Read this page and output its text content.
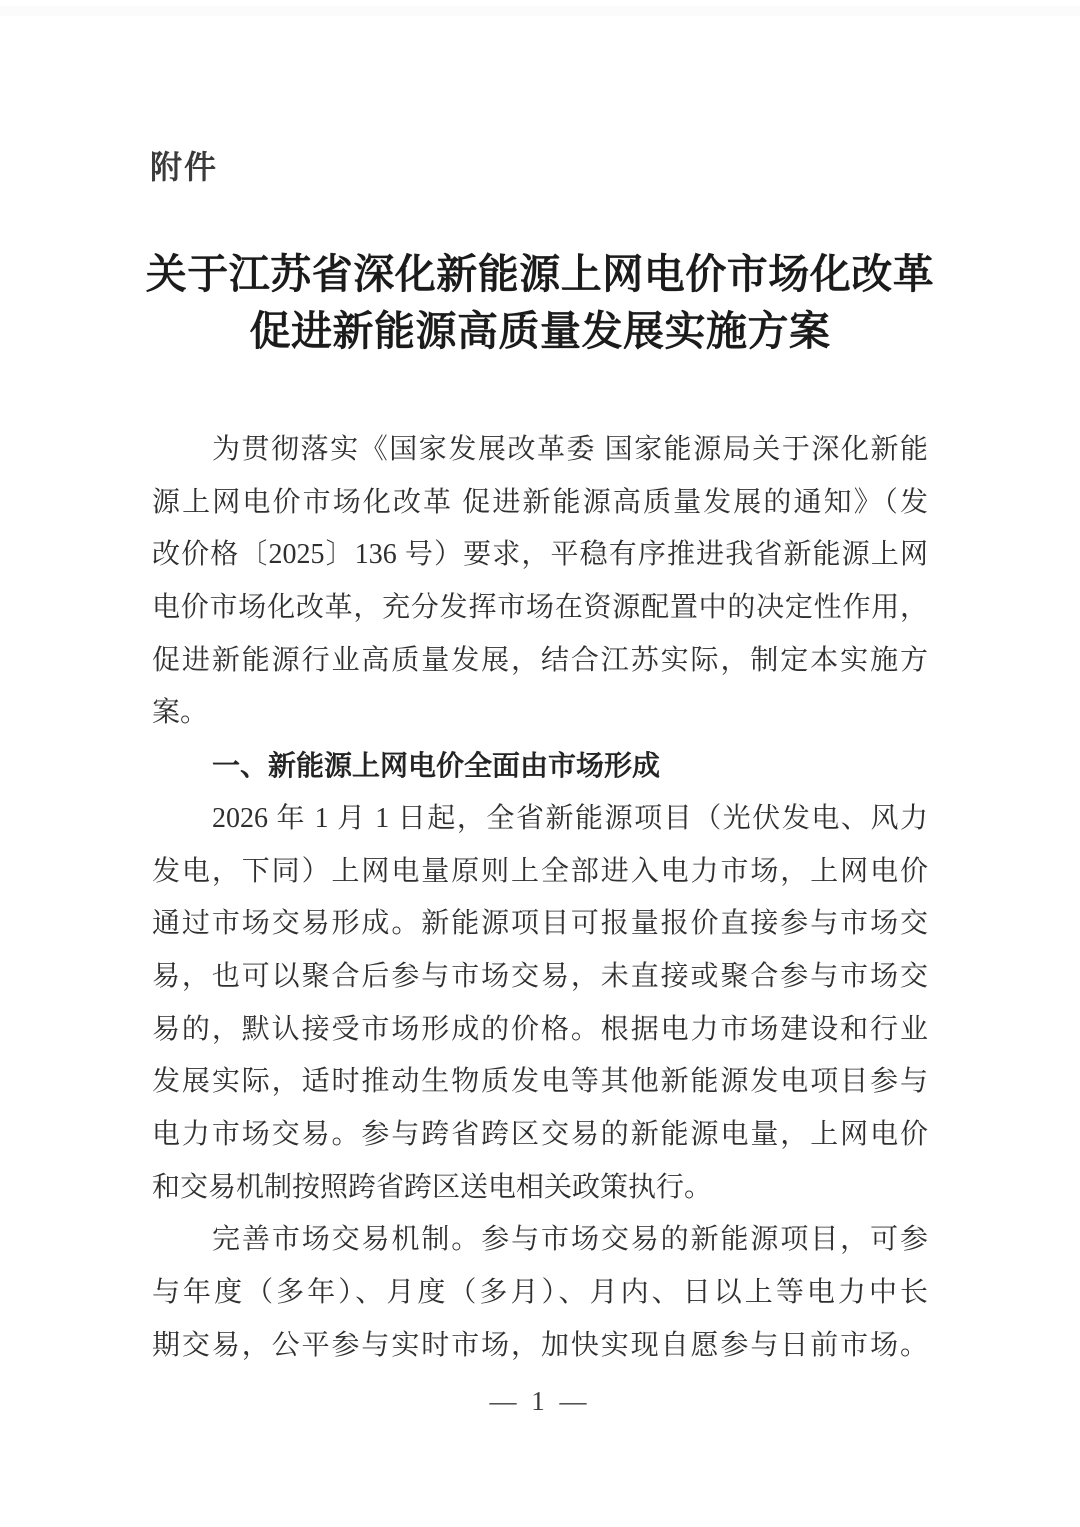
附件
关于江苏省深化新能源上网电价市场化改革
促进新能源高质量发展实施方案
为贯彻落实《国家发展改革委 国家能源局关于深化新能
源上网电价市场化改革 促进新能源高质量发展的通知》（发
改价格〔2025〕136 号）要求，平稳有序推进我省新能源上网
电价市场化改革，充分发挥市场在资源配置中的决定性作用，
促进新能源行业高质量发展，结合江苏实际，制定本实施方
案。
一、新能源上网电价全面由市场形成
2026 年 1 月 1 日起，全省新能源项目（光伏发电、风力
发电，下同）上网电量原则上全部进入电力市场，上网电价
通过市场交易形成。新能源项目可报量报价直接参与市场交
易，也可以聚合后参与市场交易，未直接或聚合参与市场交
易的，默认接受市场形成的价格。根据电力市场建设和行业
发展实际，适时推动生物质发电等其他新能源发电项目参与
电力市场交易。参与跨省跨区交易的新能源电量，上网电价
和交易机制按照跨省跨区送电相关政策执行。
完善市场交易机制。参与市场交易的新能源项目，可参
与年度（多年）、月度（多月）、月内、日以上等电力中长
期交易，公平参与实时市场，加快实现自愿参与日前市场。
— 1 —
